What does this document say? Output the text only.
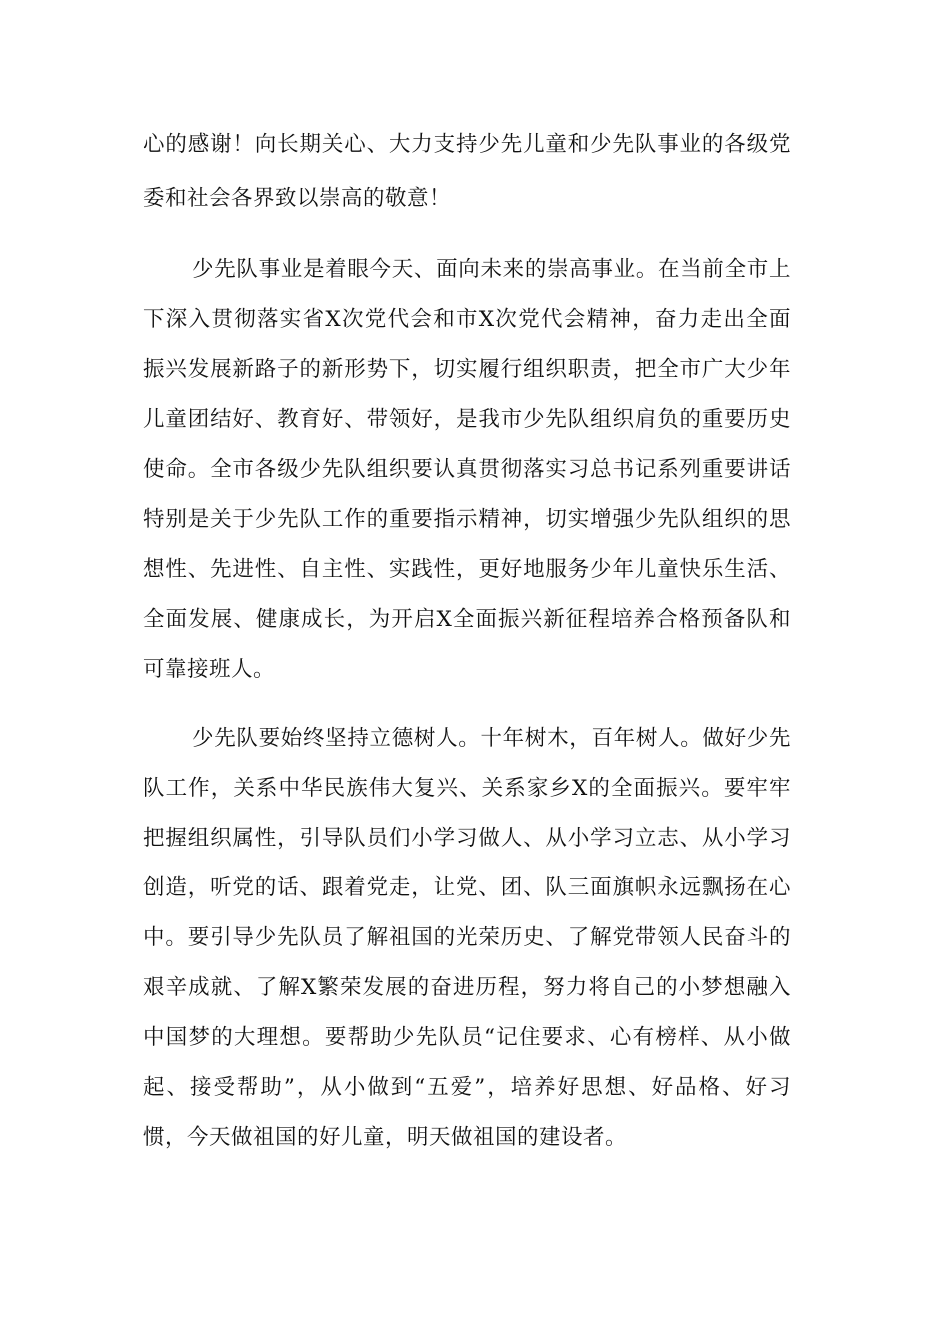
心的感谢！向长期关心、大力支持少先儿童和少先队事业的各级党
委和社会各界致以崇高的敬意！
少先队事业是着眼今天、面向未来的崇高事业。在当前全市上
下深入贯彻落实省X次党代会和市X次党代会精神，奋力走出全面
振兴发展新路子的新形势下，切实履行组织职责，把全市广大少年
儿童团结好、教育好、带领好，是我市少先队组织肩负的重要历史
使命。全市各级少先队组织要认真贯彻落实习总书记系列重要讲话
特别是关于少先队工作的重要指示精神，切实增强少先队组织的思
想性、先进性、自主性、实践性，更好地服务少年儿童快乐生活、
全面发展、健康成长，为开启X全面振兴新征程培养合格预备队和
可靠接班人。
少先队要始终坚持立德树人。十年树木，百年树人。做好少先
队工作，关系中华民族伟大复兴、关系家乡X的全面振兴。要牢牢
把握组织属性，引导队员们小学习做人、从小学习立志、从小学习
创造，听党的话、跟着党走，让党、团、队三面旗帜永远飘扬在心
中。要引导少先队员了解祖国的光荣历史、了解党带领人民奋斗的
艰辛成就、了解X繁荣发展的奋进历程，努力将自己的小梦想融入
中国梦的大理想。要帮助少先队员“记住要求、心有榜样、从小做
起、接受帮助”，从小做到“五爱”，培养好思想、好品格、好习
惯，今天做祖国的好儿童，明天做祖国的建设者。
